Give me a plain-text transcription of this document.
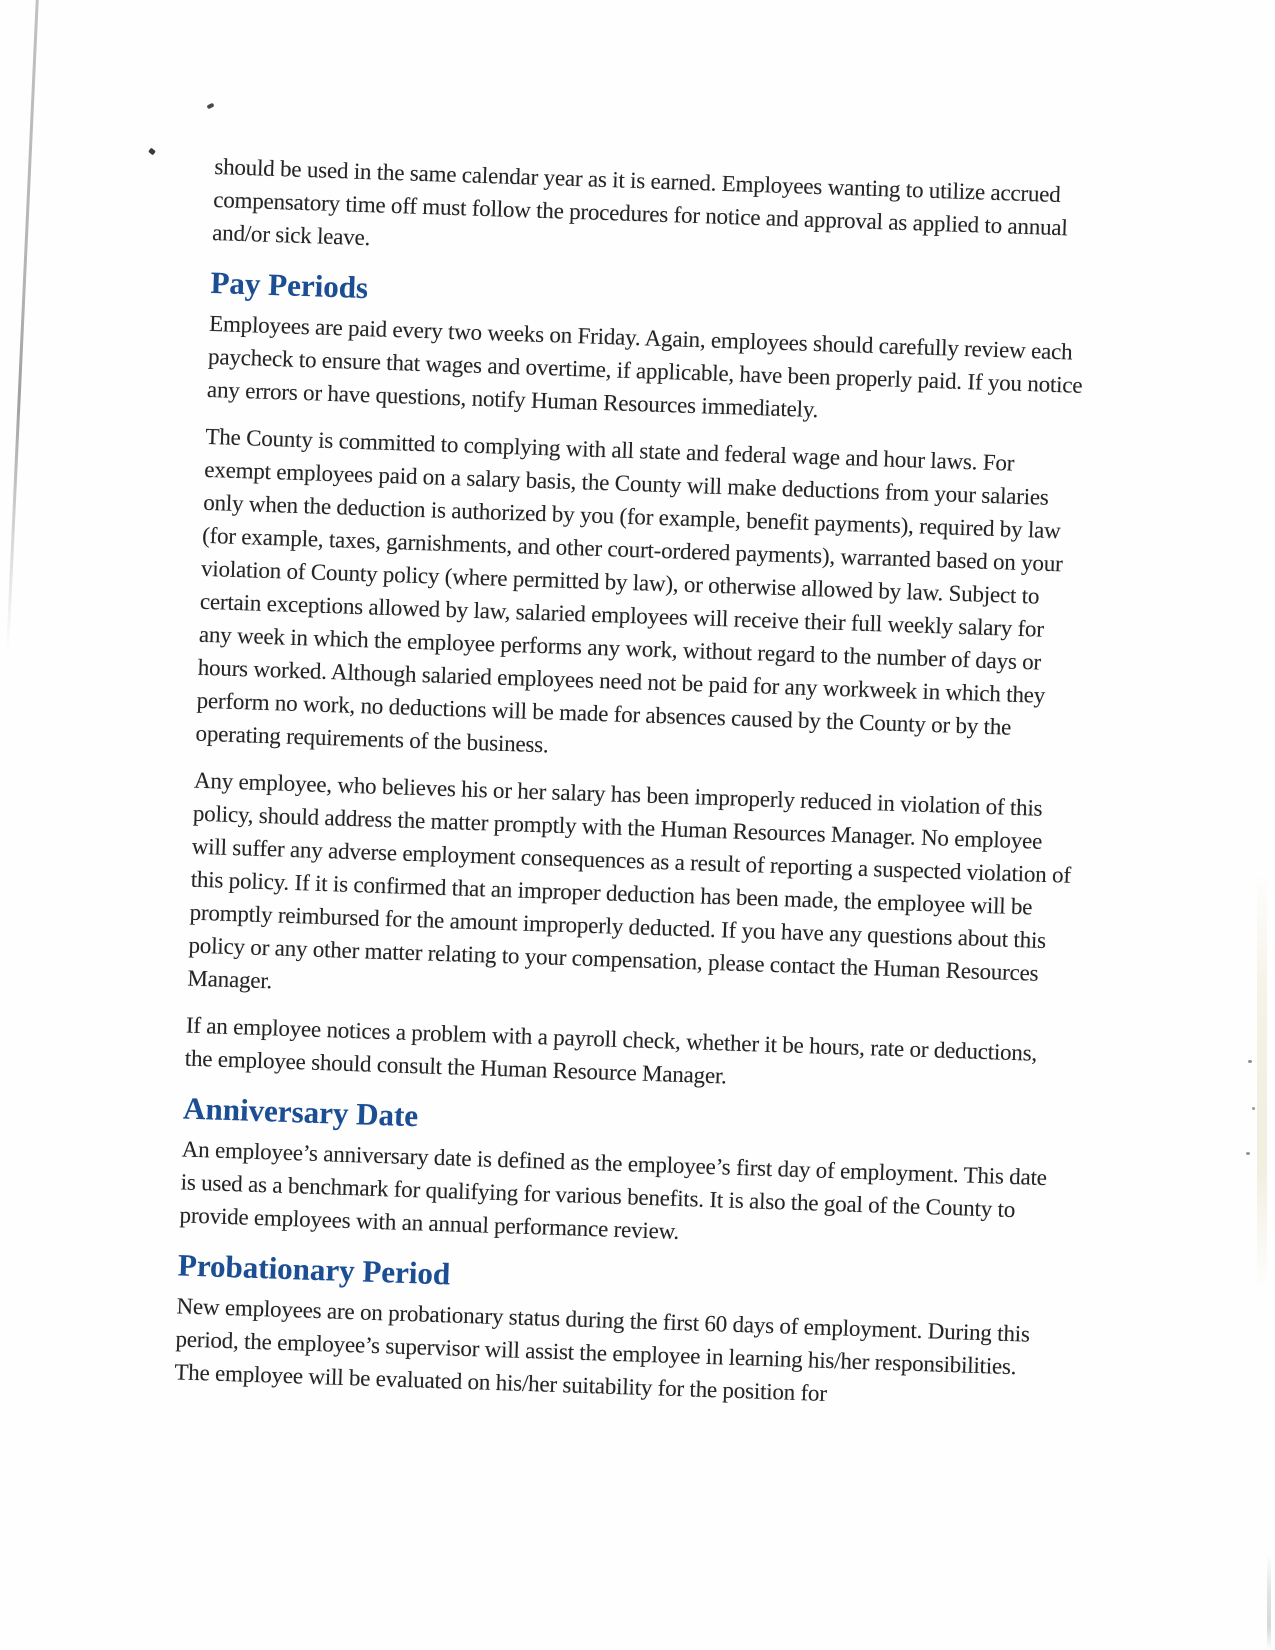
should be used in the same calendar year as it is earned. Employees wanting to utilize accrued compensatory time off must follow the procedures for notice and approval as applied to annual and/or sick leave.

Pay Periods

Employees are paid every two weeks on Friday. Again, employees should carefully review each paycheck to ensure that wages and overtime, if applicable, have been properly paid. If you notice any errors or have questions, notify Human Resources immediately.

The County is committed to complying with all state and federal wage and hour laws. For exempt employees paid on a salary basis, the County will make deductions from your salaries only when the deduction is authorized by you (for example, benefit payments), required by law (for example, taxes, garnishments, and other court-ordered payments), warranted based on your violation of County policy (where permitted by law), or otherwise allowed by law. Subject to certain exceptions allowed by law, salaried employees will receive their full weekly salary for any week in which the employee performs any work, without regard to the number of days or hours worked. Although salaried employees need not be paid for any workweek in which they perform no work, no deductions will be made for absences caused by the County or by the operating requirements of the business.

Any employee, who believes his or her salary has been improperly reduced in violation of this policy, should address the matter promptly with the Human Resources Manager. No employee will suffer any adverse employment consequences as a result of reporting a suspected violation of this policy. If it is confirmed that an improper deduction has been made, the employee will be promptly reimbursed for the amount improperly deducted. If you have any questions about this policy or any other matter relating to your compensation, please contact the Human Resources Manager.

If an employee notices a problem with a payroll check, whether it be hours, rate or deductions, the employee should consult the Human Resource Manager.

Anniversary Date

An employee’s anniversary date is defined as the employee’s first day of employment. This date is used as a benchmark for qualifying for various benefits. It is also the goal of the County to provide employees with an annual performance review.

Probationary Period

New employees are on probationary status during the first 60 days of employment. During this period, the employee’s supervisor will assist the employee in learning his/her responsibilities. The employee will be evaluated on his/her suitability for the position for
